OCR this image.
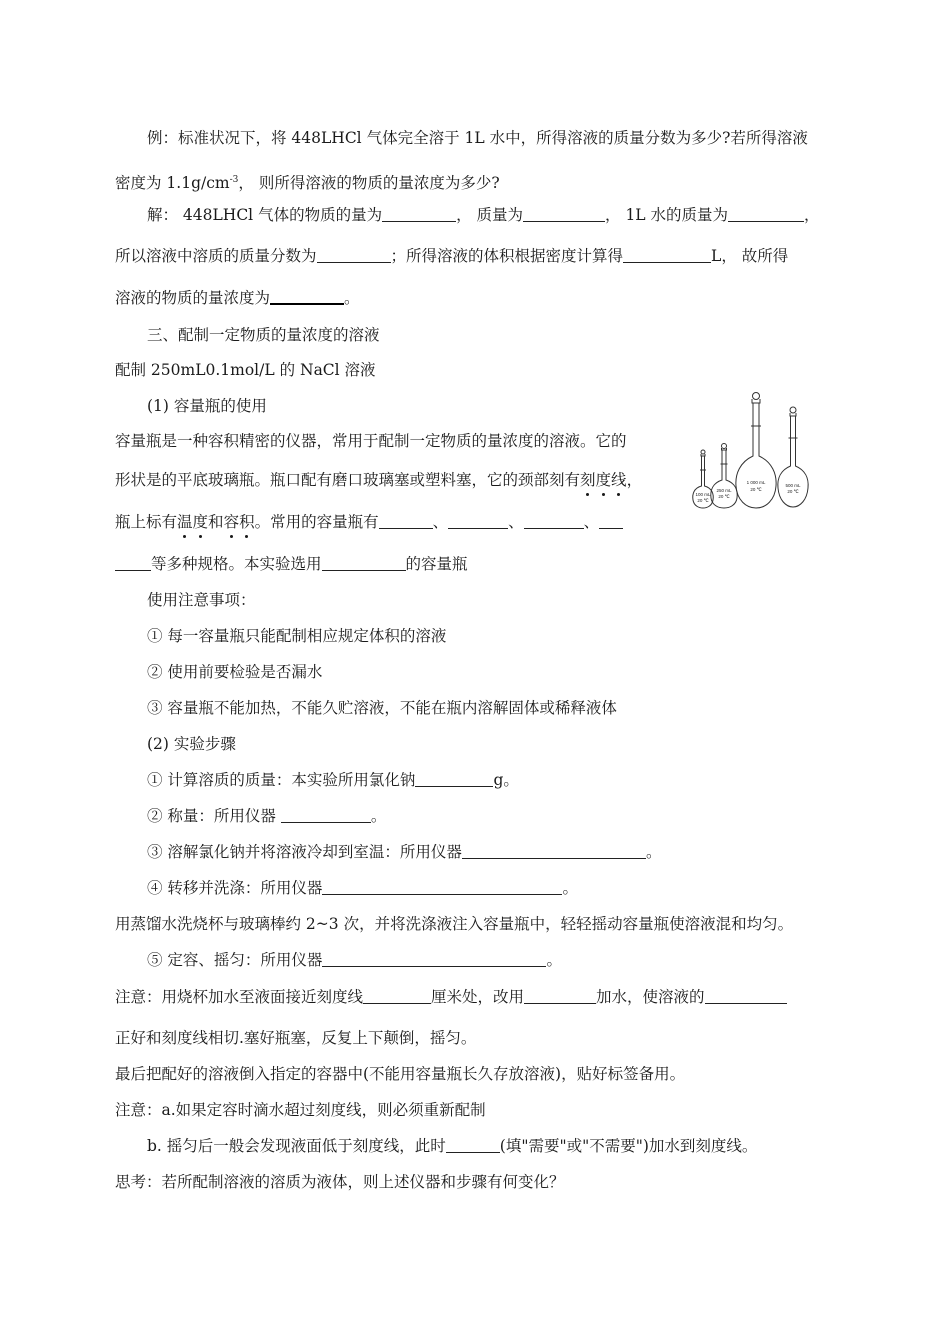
例：标准状况下，将 448LHCl 气体完全溶于 1L 水中，所得溶液的质量分数为多少?若所得溶液
密度为 $1.1g/cm^{-3}$， 则所得溶液的物质的量浓度为多少?
解： 448LHCl 气体的物质的量为	， 质量为	， 1L 水的质量为	，
所以溶液中溶质的质量分数为	；所得溶液的体积根据密度计算得	L， 故所得
溶液的物质的量浓度为	。
三、配制一定物质的量浓度的溶液
配制 250mL0.1mol/L 的 NaCl 溶液
(1) 容量瓶的使用
容量瓶是一种容积精密的仪器，常用于配制一定物质的量浓度的溶液。它的
形状是的平底玻璃瓶。瓶口配有磨口玻璃塞或塑料塞，它的颈部刻有刻度线，
瓶上标有温度和容积。常用的容量瓶有	、	、	、
等多种规格。本实验选用	的容量瓶
使用注意事项：
① 每一容量瓶只能配制相应规定体积的溶液
② 使用前要检验是否漏水
③ 容量瓶不能加热，不能久贮溶液，不能在瓶内溶解固体或稀释液体
(2) 实验步骤
① 计算溶质的质量：本实验所用氯化钠	g。
② 称量：所用仪器	。
③ 溶解氯化钠并将溶液冷却到室温：所用仪器	。
④ 转移并洗涤：所用仪器	。
用蒸馏水洗烧杯与玻璃棒约 2~3 次，并将洗涤液注入容量瓶中，轻轻摇动容量瓶使溶液混和均匀。
⑤ 定容、摇匀：所用仪器	。
注意：用烧杯加水至液面接近刻度线	厘米处，改用	加水，使溶液的
正好和刻度线相切.塞好瓶塞，反复上下颠倒，摇匀。
最后把配好的溶液倒入指定的容器中(不能用容量瓶长久存放溶液)，贴好标签备用。
注意：a.如果定容时滴水超过刻度线，则必须重新配制
b. 摇匀后一般会发现液面低于刻度线，此时	(填"需要"或"不需要")加水到刻度线。
思考：若所配制溶液的溶质为液体，则上述仪器和步骤有何变化？
100 mL
20 ℃
250 mL
20 ℃
1 000 mL
20 ℃
500 mL
20 ℃
